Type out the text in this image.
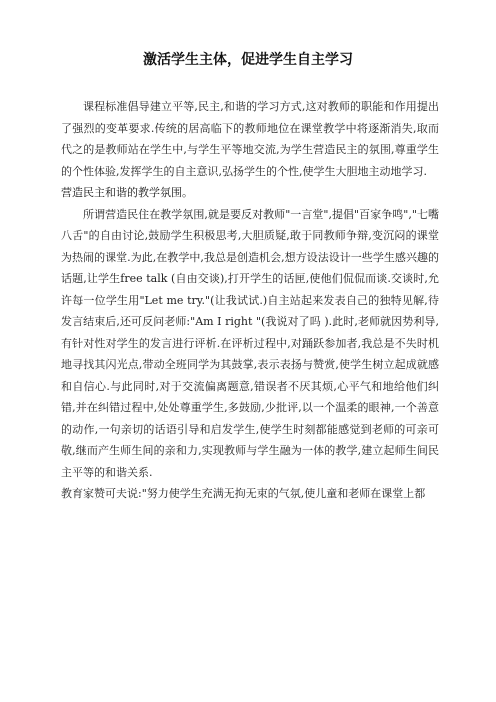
激活学生主体，促进学生自主学习

课程标准倡导建立平等,民主,和谐的学习方式,这对教师的职能和作用提出了强烈的变革要求.传统的居高临下的教师地位在课堂教学中将逐渐消失,取而代之的是教师站在学生中,与学生平等地交流,为学生营造民主的氛围,尊重学生的个性体验,发挥学生的自主意识,弘扬学生的个性,使学生大胆地主动地学习.

营造民主和谐的教学氛围。

所谓营造民住在教学氛围,就是要反对教师"一言堂",提倡"百家争鸣","七嘴八舌"的自由讨论,鼓励学生积极思考,大胆质疑,敢于同教师争辩,变沉闷的课堂为热闹的课堂.为此,在教学中,我总是创造机会,想方设法设计一些学生感兴趣的话题,让学生free talk (自由交谈),打开学生的话匣,使他们侃侃而谈.交谈时,允许每一位学生用"Let me try."(让我试试.)自主站起来发表自己的独特见解,待发言结束后,还可反问老师:"Am I right "(我说对了吗 ).此时,老师就因势利导,有针对性对学生的发言进行评析.在评析过程中,对踊跃参加者,我总是不失时机地寻找其闪光点,带动全班同学为其鼓掌,表示表扬与赞赏,使学生树立起成就感和自信心.与此同时,对于交流偏离题意,错误者不厌其烦,心平气和地给他们纠错,并在纠错过程中,处处尊重学生,多鼓励,少批评,以一个温柔的眼神,一个善意的动作,一句亲切的话语引导和启发学生,使学生时刻都能感觉到老师的可亲可敬,继而产生师生间的亲和力,实现教师与学生融为一体的教学,建立起师生间民主平等的和谐关系.

教育家赞可夫说:"努力使学生充满无拘无束的气氛,使儿童和老师在课堂上都
